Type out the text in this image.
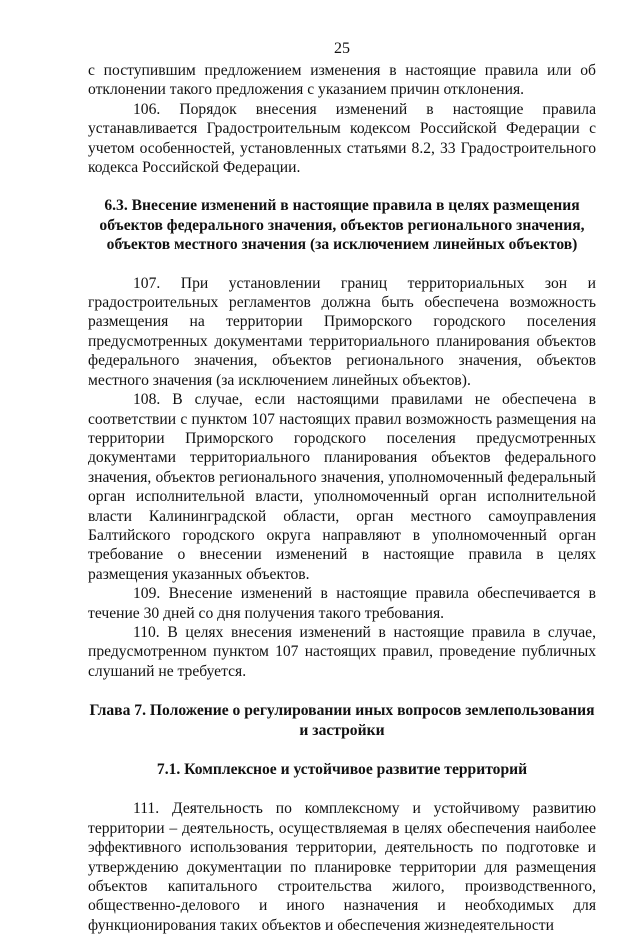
25

с поступившим предложением изменения в настоящие правила или об отклонении такого предложения с указанием причин отклонения.

106. Порядок внесения изменений в настоящие правила устанавливается Градостроительным кодексом Российской Федерации с учетом особенностей, установленных статьями 8.2, 33 Градостроительного кодекса Российской Федерации.

6.3. Внесение изменений в настоящие правила в целях размещения объектов федерального значения, объектов регионального значения, объектов местного значения (за исключением линейных объектов)

107. При установлении границ территориальных зон и градостроительных регламентов должна быть обеспечена возможность размещения на территории Приморского городского поселения предусмотренных документами территориального планирования объектов федерального значения, объектов регионального значения, объектов местного значения (за исключением линейных объектов).

108. В случае, если настоящими правилами не обеспечена в соответствии с пунктом 107 настоящих правил возможность размещения на территории Приморского городского поселения предусмотренных документами территориального планирования объектов федерального значения, объектов регионального значения, уполномоченный федеральный орган исполнительной власти, уполномоченный орган исполнительной власти Калининградской области, орган местного самоуправления Балтийского городского округа направляют в уполномоченный орган требование о внесении изменений в настоящие правила в целях размещения указанных объектов.

109. Внесение изменений в настоящие правила обеспечивается в течение 30 дней со дня получения такого требования.

110. В целях внесения изменений в настоящие правила в случае, предусмотренном пунктом 107 настоящих правил, проведение публичных слушаний не требуется.

Глава 7. Положение о регулировании иных вопросов землепользования и застройки
7.1. Комплексное и устойчивое развитие территорий

111. Деятельность по комплексному и устойчивому развитию территории – деятельность, осуществляемая в целях обеспечения наиболее эффективного использования территории, деятельность по подготовке и утверждению документации по планировке территории для размещения объектов капитального строительства жилого, производственного, общественно-делового и иного назначения и необходимых для функционирования таких объектов и обеспечения жизнедеятельности
